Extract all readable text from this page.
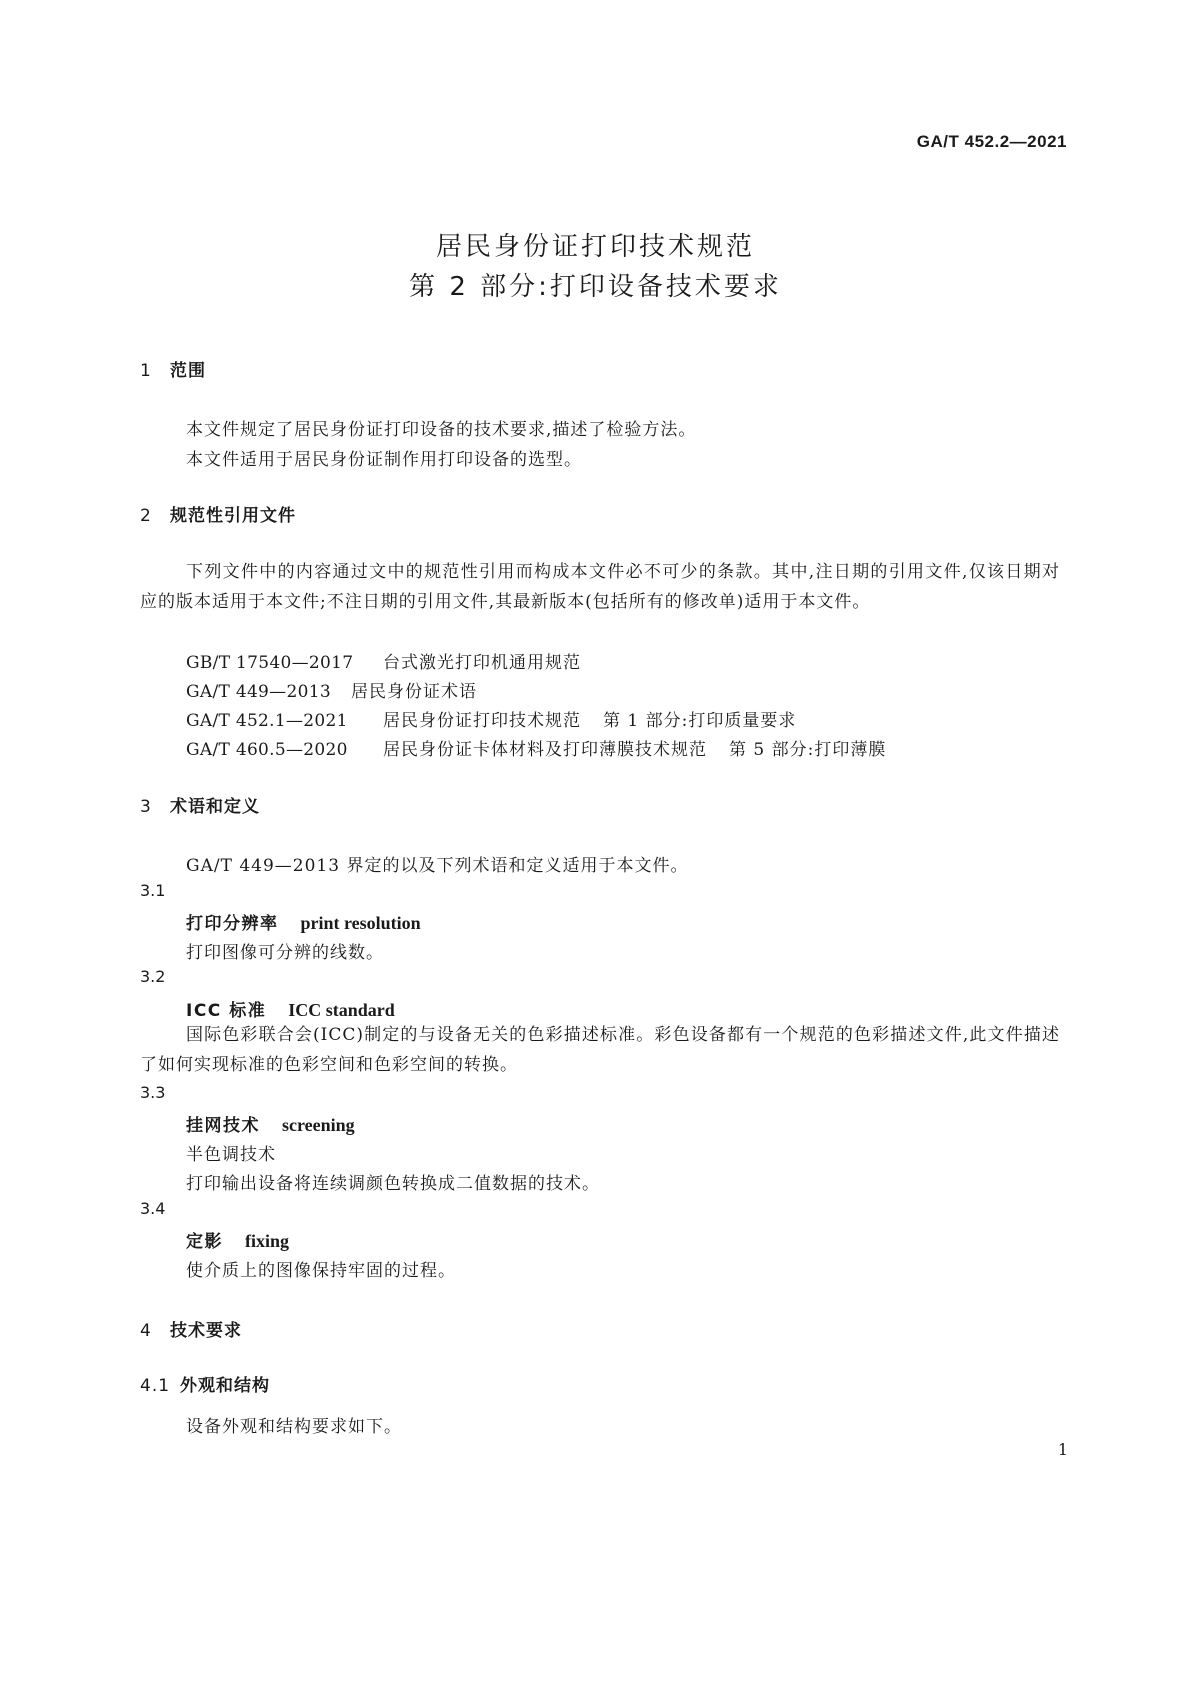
GA/T 452.2—2021
居民身份证打印技术规范
第 2 部分:打印设备技术要求
1 范围
本文件规定了居民身份证打印设备的技术要求,描述了检验方法。
本文件适用于居民身份证制作用打印设备的选型。
2 规范性引用文件
下列文件中的内容通过文中的规范性引用而构成本文件必不可少的条款。其中,注日期的引用文件,仅该日期对应的版本适用于本文件;不注日期的引用文件,其最新版本(包括所有的修改单)适用于本文件。
GB/T 17540—2017 台式激光打印机通用规范
GA/T 449—2013 居民身份证术语
GA/T 452.1—2021 居民身份证打印技术规范 第 1 部分:打印质量要求
GA/T 460.5—2020 居民身份证卡体材料及打印薄膜技术规范 第 5 部分:打印薄膜
3 术语和定义
GA/T 449—2013 界定的以及下列术语和定义适用于本文件。
3.1
打印分辨率 print resolution
打印图像可分辨的线数。
3.2
ICC 标准 ICC standard
国际色彩联合会(ICC)制定的与设备无关的色彩描述标准。彩色设备都有一个规范的色彩描述文件,此文件描述了如何实现标准的色彩空间和色彩空间的转换。
3.3
挂网技术 screening
半色调技术
打印输出设备将连续调颜色转换成二值数据的技术。
3.4
定影 fixing
使介质上的图像保持牢固的过程。
4 技术要求
4.1 外观和结构
设备外观和结构要求如下。
1
